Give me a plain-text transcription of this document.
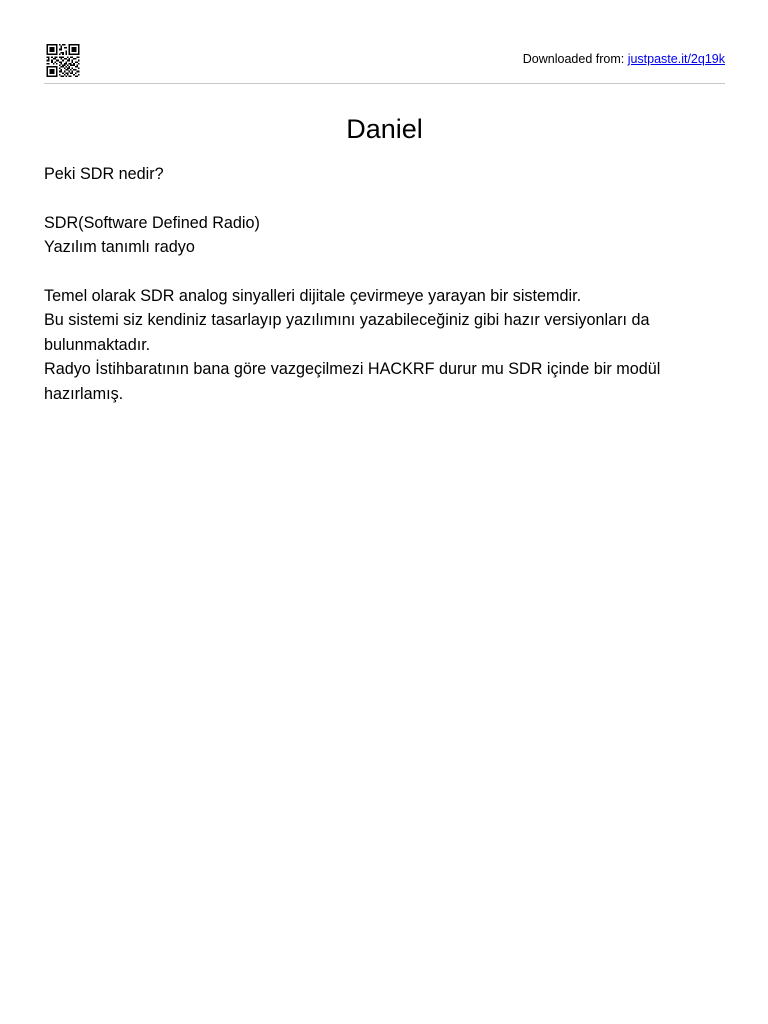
Downloaded from: justpaste.it/2q19k
Daniel

Peki SDR nedir?

SDR(Software Defined Radio)

Yazılım tanımlı radyo

Temel olarak SDR analog sinyalleri dijitale çevirmeye yarayan bir sistemdir.

Bu sistemi siz kendiniz tasarlayıp yazılımını yazabileceğiniz gibi hazır versiyonları da bulunmaktadır.

Radyo İstihbaratının bana göre vazgeçilmezi HACKRF durur mu SDR içinde bir modül hazırlamış.
